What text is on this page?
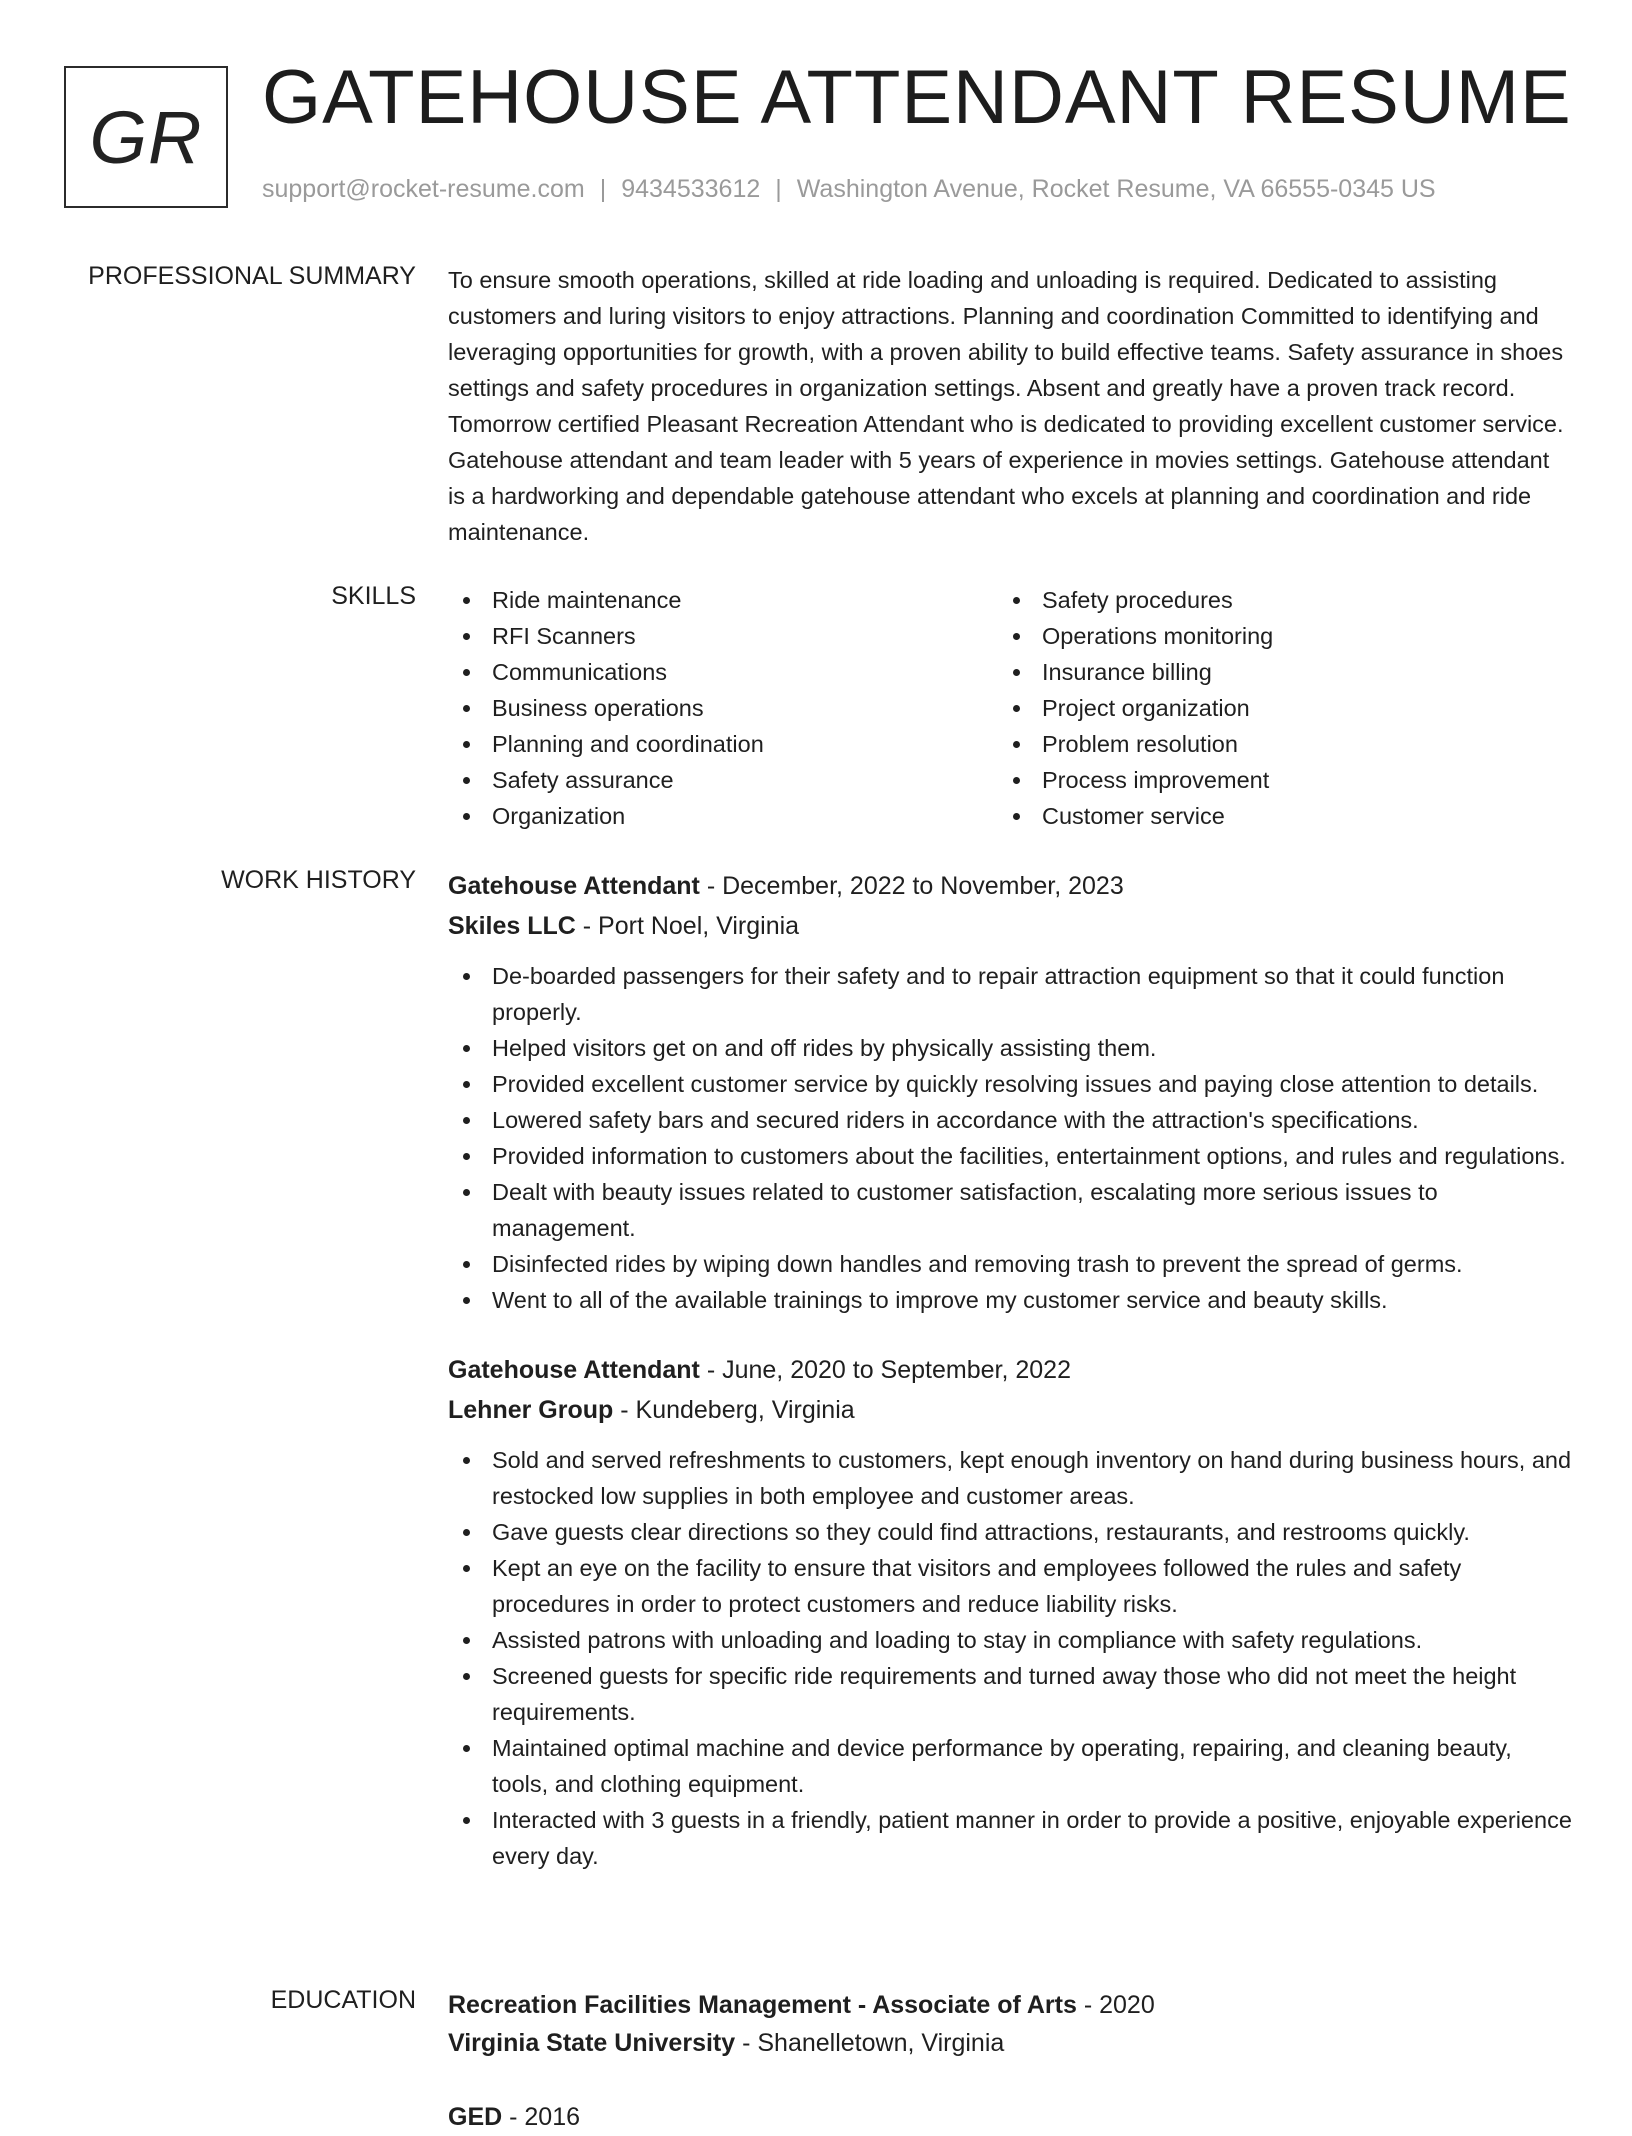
GR GATEHOUSE ATTENDANT RESUME
support@rocket-resume.com | 9434533612 | Washington Avenue, Rocket Resume, VA 66555-0345 US
PROFESSIONAL SUMMARY To ensure smooth operations, skilled at ride loading and unloading is required. Dedicated to assisting customers and luring visitors to enjoy attractions. Planning and coordination Committed to identifying and leveraging opportunities for growth, with a proven ability to build effective teams. Safety assurance in shoes settings and safety procedures in organization settings. Absent and greatly have a proven track record. Tomorrow certified Pleasant Recreation Attendant who is dedicated to providing excellent customer service. Gatehouse attendant and team leader with 5 years of experience in movies settings. Gatehouse attendant is a hardworking and dependable gatehouse attendant who excels at planning and coordination and ride maintenance.

SKILLS	Ride maintenance
RFI Scanners
Communications
Business operations
Planning and coordination
Safety assurance
Organization
Safety procedures
Operations monitoring
Insurance billing
Project organization
Problem resolution
Process improvement
Customer service
WORK HISTORY Gatehouse Attendant - December, 2022 to November, 2023
Skiles LLC - Port Noel, Virginia
De-boarded passengers for their safety and to repair attraction equipment so that it could function properly.
Helped visitors get on and off rides by physically assisting them.
Provided excellent customer service by quickly resolving issues and paying close attention to details.
Lowered safety bars and secured riders in accordance with the attraction's specifications.
Provided information to customers about the facilities, entertainment options, and rules and regulations.
Dealt with beauty issues related to customer satisfaction, escalating more serious issues to management.
Disinfected rides by wiping down handles and removing trash to prevent the spread of germs.
Went to all of the available trainings to improve my customer service and beauty skills.
Gatehouse Attendant - June, 2020 to September, 2022
Lehner Group - Kundeberg, Virginia
Sold and served refreshments to customers, kept enough inventory on hand during business hours, and restocked low supplies in both employee and customer areas.
Gave guests clear directions so they could find attractions, restaurants, and restrooms quickly.
Kept an eye on the facility to ensure that visitors and employees followed the rules and safety procedures in order to protect customers and reduce liability risks.
Assisted patrons with unloading and loading to stay in compliance with safety regulations.
Screened guests for specific ride requirements and turned away those who did not meet the height requirements.
Maintained optimal machine and device performance by operating, repairing, and cleaning beauty, tools, and clothing equipment.
Interacted with 3 guests in a friendly, patient manner in order to provide a positive, enjoyable experience every day.
EDUCATION Recreation Facilities Management - Associate of Arts - 2020
Virginia State University - Shanelletown, Virginia
GED - 2016
